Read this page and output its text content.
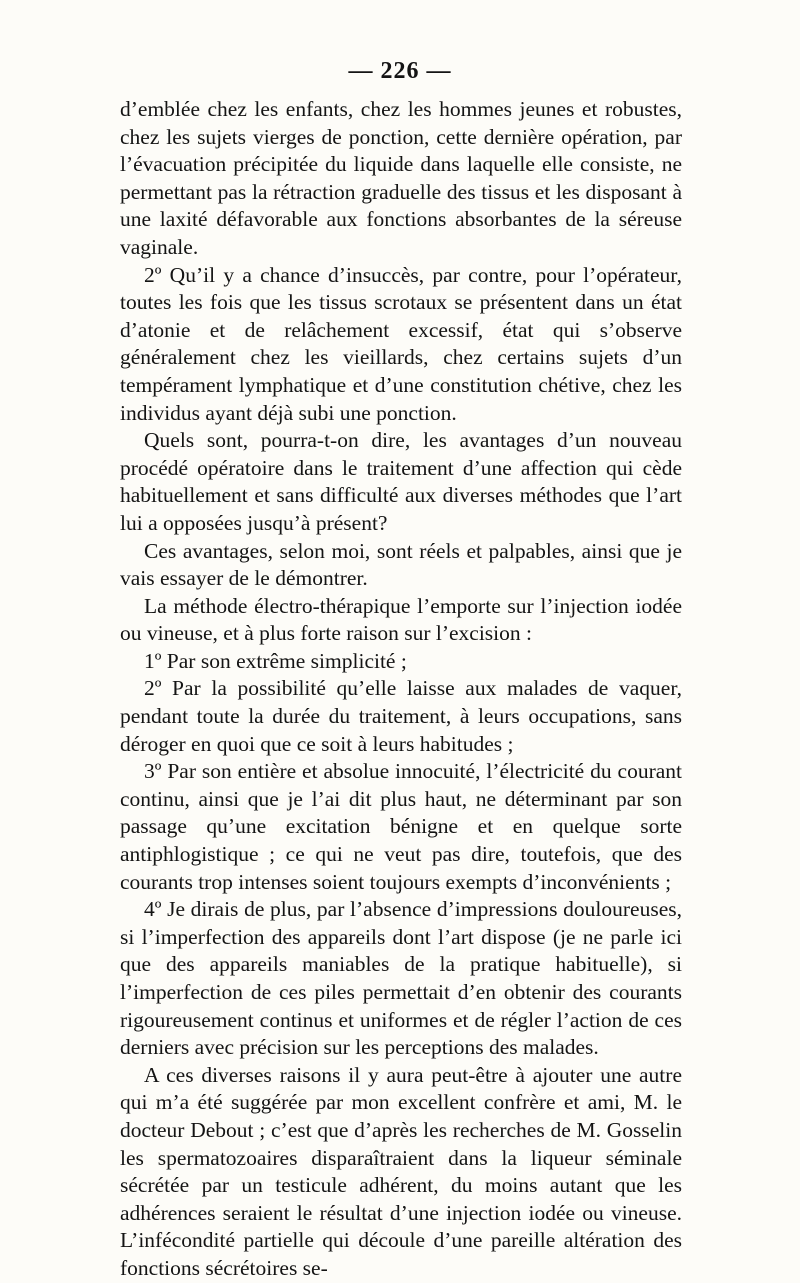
— 226 —

d’emblée chez les enfants, chez les hommes jeunes et robustes, chez les sujets vierges de ponction, cette dernière opération, par l’évacuation précipitée du liquide dans laquelle elle consiste, ne permettant pas la rétraction graduelle des tissus et les disposant à une laxité défavorable aux fonctions absorbantes de la séreuse vaginale.

2º Qu’il y a chance d’insuccès, par contre, pour l’opérateur, toutes les fois que les tissus scrotaux se présentent dans un état d’atonie et de relâchement excessif, état qui s’observe généralement chez les vieillards, chez certains sujets d’un tempérament lymphatique et d’une constitution chétive, chez les individus ayant déjà subi une ponction.

Quels sont, pourra-t-on dire, les avantages d’un nouveau procédé opératoire dans le traitement d’une affection qui cède habituellement et sans difficulté aux diverses méthodes que l’art lui a opposées jusqu’à présent?

Ces avantages, selon moi, sont réels et palpables, ainsi que je vais essayer de le démontrer.

La méthode électro-thérapique l’emporte sur l’injection iodée ou vineuse, et à plus forte raison sur l’excision :

1º Par son extrême simplicité ;

2º Par la possibilité qu’elle laisse aux malades de vaquer, pendant toute la durée du traitement, à leurs occupations, sans déroger en quoi que ce soit à leurs habitudes ;

3º Par son entière et absolue innocuité, l’électricité du courant continu, ainsi que je l’ai dit plus haut, ne déterminant par son passage qu’une excitation bénigne et en quelque sorte antiphlogistique ; ce qui ne veut pas dire, toutefois, que des courants trop intenses soient toujours exempts d’inconvénients ;

4º Je dirais de plus, par l’absence d’impressions douloureuses, si l’imperfection des appareils dont l’art dispose (je ne parle ici que des appareils maniables de la pratique habituelle), si l’imperfection de ces piles permettait d’en obtenir des courants rigoureusement continus et uniformes et de régler l’action de ces derniers avec précision sur les perceptions des malades.

A ces diverses raisons il y aura peut-être à ajouter une autre qui m’a été suggérée par mon excellent confrère et ami, M. le docteur Debout ; c’est que d’après les recherches de M. Gosselin les spermatozoaires disparaîtraient dans la liqueur séminale sécrétée par un testicule adhérent, du moins autant que les adhérences seraient le résultat d’une injection iodée ou vineuse. L’infécondité partielle qui découle d’une pareille altération des fonctions sécrétoires se-
